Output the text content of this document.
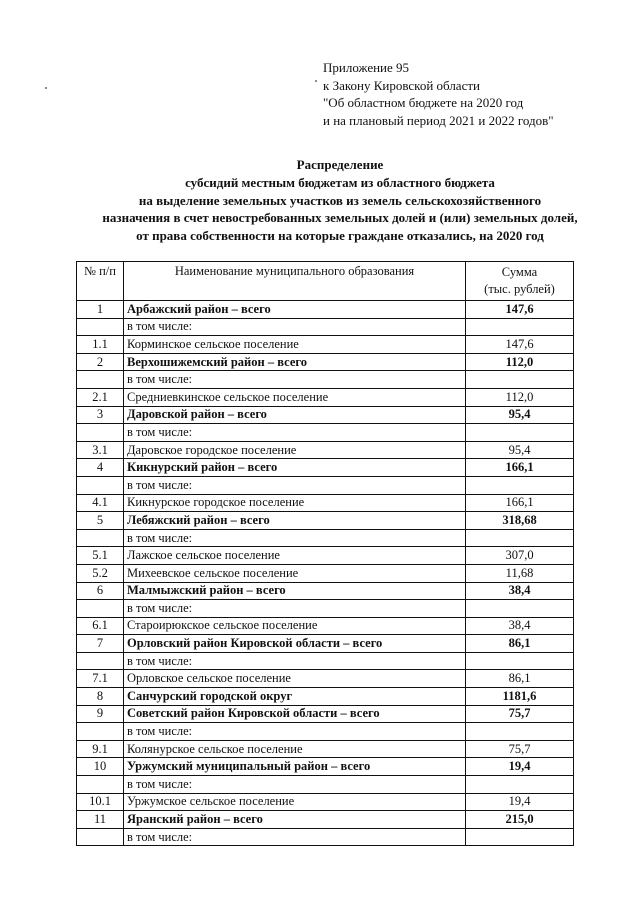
Приложение 95
к Закону Кировской области
"Об областном бюджете на 2020 год
и на плановый период 2021 и 2022 годов"
Распределение
субсидий местным бюджетам из областного бюджета
на выделение земельных участков из земель сельскохозяйственного
назначения в счет невостребованных земельных долей и (или) земельных долей,
от права собственности на которые граждане отказались, на 2020 год
№ п/п	Наименование муниципального образования	Сумма
(тыс. рублей)

1	Арбажский район – всего	147,6
	в том числе:	
1.1	Корминское сельское поселение	147,6
2	Верхошижемский район – всего	112,0
	в том числе:	
2.1	Средниевкинское сельское поселение	112,0
3	Даровской район – всего	95,4
	в том числе:	
3.1	Даровское городское поселение	95,4
4	Кикнурский район – всего	166,1
	в том числе:	
4.1	Кикнурское городское поселение	166,1
5	Лебяжский район – всего	318,68
	в том числе:	
5.1	Лажское сельское поселение	307,0
5.2	Михеевское сельское поселение	11,68
6	Малмыжский район – всего	38,4
	в том числе:	
6.1	Староирюкское сельское поселение	38,4
7	Орловский район Кировской области – всего	86,1
	в том числе:	
7.1	Орловское сельское поселение	86,1
8	Санчурский городской округ	1181,6
9	Советский район Кировской области – всего	75,7
	в том числе:	
9.1	Колянурское сельское поселение	75,7
10	Уржумский муниципальный район – всего	19,4
	в том числе:	
10.1	Уржумское сельское поселение	19,4
11	Яранский район – всего	215,0
	в том числе:	
